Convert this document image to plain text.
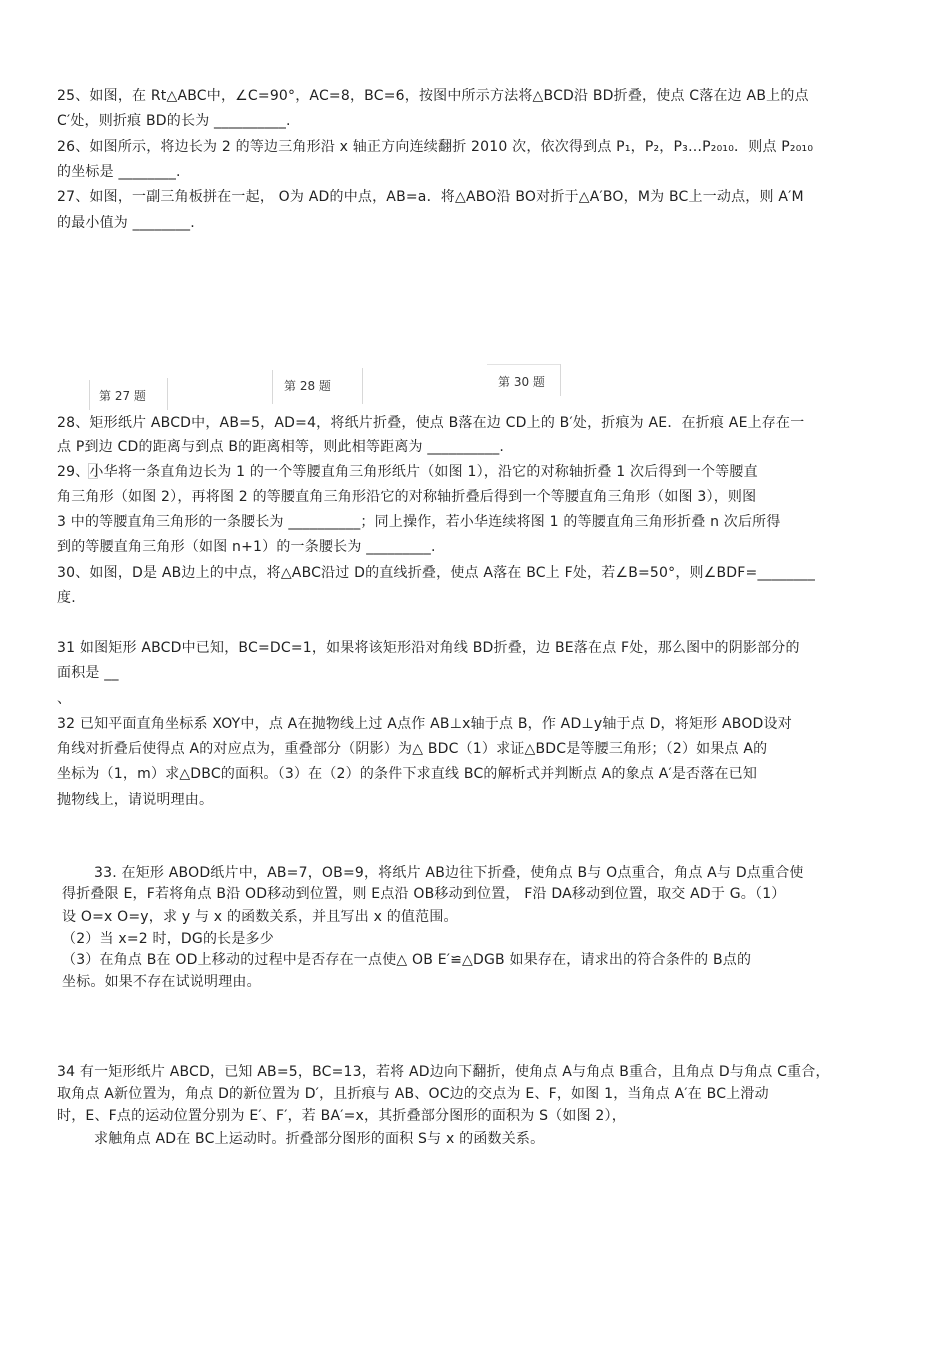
第 27 题
第 28 题	第 30 题
25、如图，在 Rt△ABC中，∠C=90°，AC=8，BC=6，按图中所示方法将△BCD沿 BD折叠，使点 C落在边 AB上的点
C′处，则折痕 BD的长为 __________.
26、如图所示，将边长为 2 的等边三角形沿 x 轴正方向连续翻折 2010 次，依次得到点 P₁，P₂，P₃…P₂₀₁₀．则点 P₂₀₁₀
的坐标是 ________.
27、如图，一副三角板拼在一起， O为 AD的中点，AB=a．将△ABO沿 BO对折于△A′BO，M为 BC上一动点，则 A′M
的最小值为 ________.
28、矩形纸片 ABCD中，AB=5，AD=4，将纸片折叠，使点 B落在边 CD上的 B′处，折痕为 AE．在折痕 AE上存在一
点 P到边 CD的距离与到点 B的距离相等，则此相等距离为 __________.
29、小华将一条直角边长为 1 的一个等腰直角三角形纸片（如图 1），沿它的对称轴折叠 1 次后得到一个等腰直
角三角形（如图 2），再将图 2 的等腰直角三角形沿它的对称轴折叠后得到一个等腰直角三角形（如图 3），则图
3 中的等腰直角三角形的一条腰长为 __________；同上操作，若小华连续将图 1 的等腰直角三角形折叠 n 次后所得
到的等腰直角三角形（如图 n+1）的一条腰长为 _________.
30、如图，D是 AB边上的中点，将△ABC沿过 D的直线折叠，使点 A落在 BC上 F处，若∠B=50°，则∠BDF=________
度.
31 如图矩形 ABCD中已知，BC=DC=1，如果将该矩形沿对角线 BD折叠，边 BE落在点 F处，那么图中的阴影部分的
面积是 __
、
32 已知平面直角坐标系 XOY中，点 A在抛物线上过 A点作 AB⊥x轴于点 B，作 AD⊥y轴于点 D，将矩形 ABOD设对
角线对折叠后使得点 A的对应点为，重叠部分（阴影）为△ BDC（1）求证△BDC是等腰三角形；（2）如果点 A的
坐标为（1，m）求△DBC的面积。（3）在（2）的条件下求直线 BC的解析式并判断点 A的象点 A′是否落在已知
抛物线上，请说明理由。
33. 在矩形 ABOD纸片中，AB=7，OB=9，将纸片 AB边往下折叠，使角点 B与 O点重合，角点 A与 D点重合使
得折叠限 E，F若将角点 B沿 OD移动到位置，则 E点沿 OB移动到位置， F沿 DA移动到位置，取交 AD于 G。（1）
设 O=x O=y，求 y 与 x 的函数关系，并且写出 x 的值范围。
（2）当 x=2 时，DG的长是多少
（3）在角点 B在 OD上移动的过程中是否存在一点使△ OB E′≌△DGB 如果存在，请求出的符合条件的 B点的
坐标。如果不存在试说明理由。
34 有一矩形纸片 ABCD，已知 AB=5，BC=13，若将 AD边向下翻折，使角点 A与角点 B重合，且角点 D与角点 C重合，
取角点 A新位置为，角点 D的新位置为 D′，且折痕与 AB、OC边的交点为 E、F，如图 1，当角点 A′在 BC上滑动
时，E、F点的运动位置分别为 E′、F′，若 BA′=x，其折叠部分图形的面积为 S（如图 2），
求触角点 AD在 BC上运动时。折叠部分图形的面积 S与 x 的函数关系。
